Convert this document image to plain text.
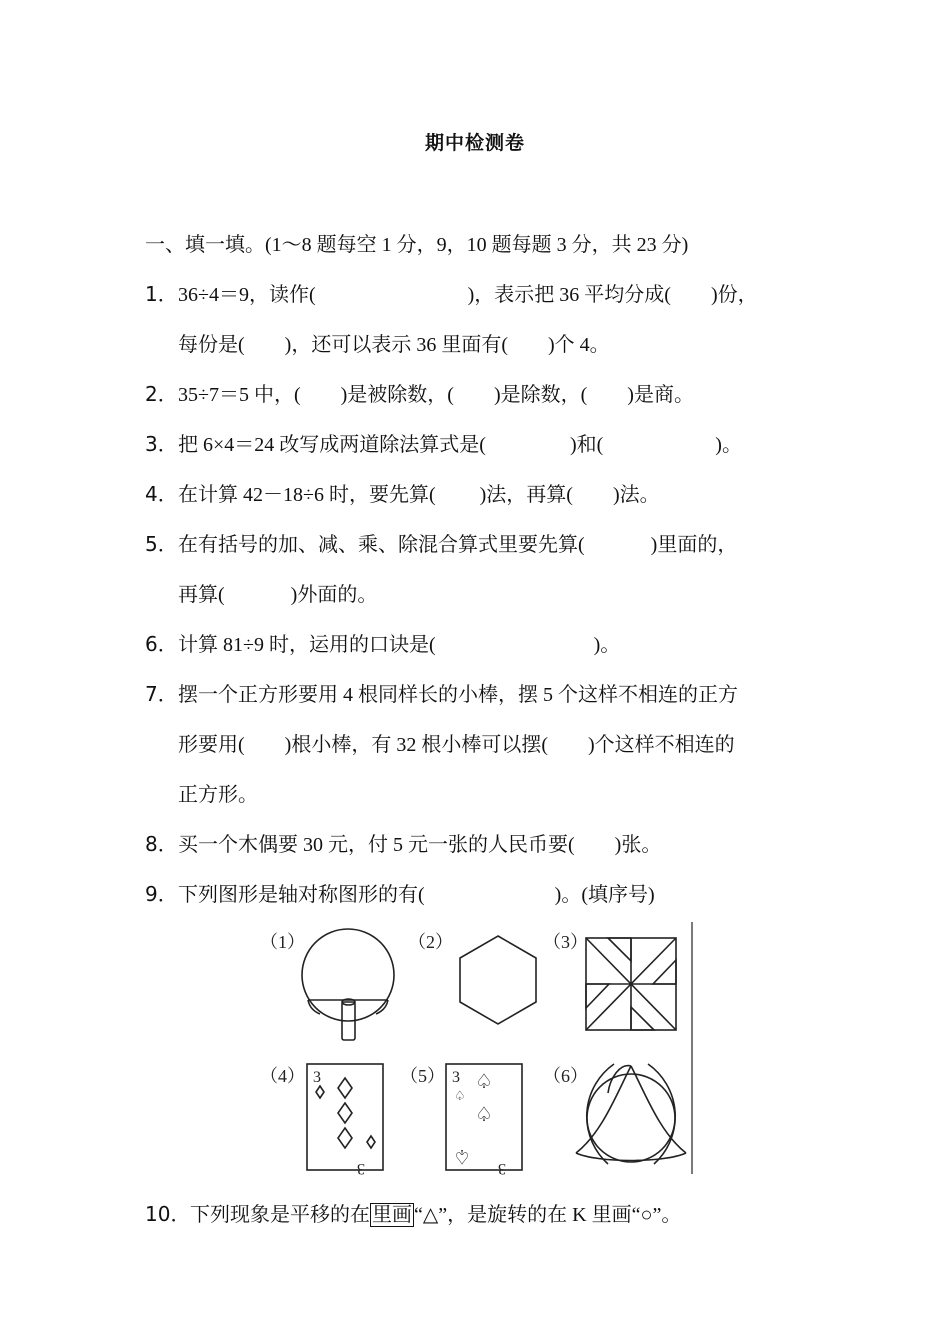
期中检测卷
一、填一填。(1～8 题每空 1 分，9，10 题每题 3 分，共 23 分)
1． 36÷4＝9，读作(	)，表示把 36 平均分成( )份，
每份是( )，还可以表示 36 里面有( )个 4。
2． 35÷7＝5 中，( )是被除数，( )是除数，( )是商。
3． 把 6×4＝24 改写成两道除法算式是(	)和(	)。
4． 在计算 42－18÷6 时，要先算( )法，再算( )法。
5． 在有括号的加、减、乘、除混合算式里要先算(	)里面的，
再算(	)外面的。
6． 计算 81÷9 时，运用的口诀是(	)。
7． 摆一个正方形要用 4 根同样长的小棒，摆 5 个这样不相连的正方
形要用( )根小棒，有 32 根小棒可以摆( )个这样不相连的
正方形。
8． 买一个木偶要 30 元，付 5 元一张的人民币要( )张。
9． 下列图形是轴对称图形的有(	)。(填序号)
（1）	（2）	（3）
（4） 3
3
（5） 3
♤
♤
♤
♤
3
（6）
10． 下列现象是平移的在 里画 “△”，是旋转的在 K 里画“○”。
